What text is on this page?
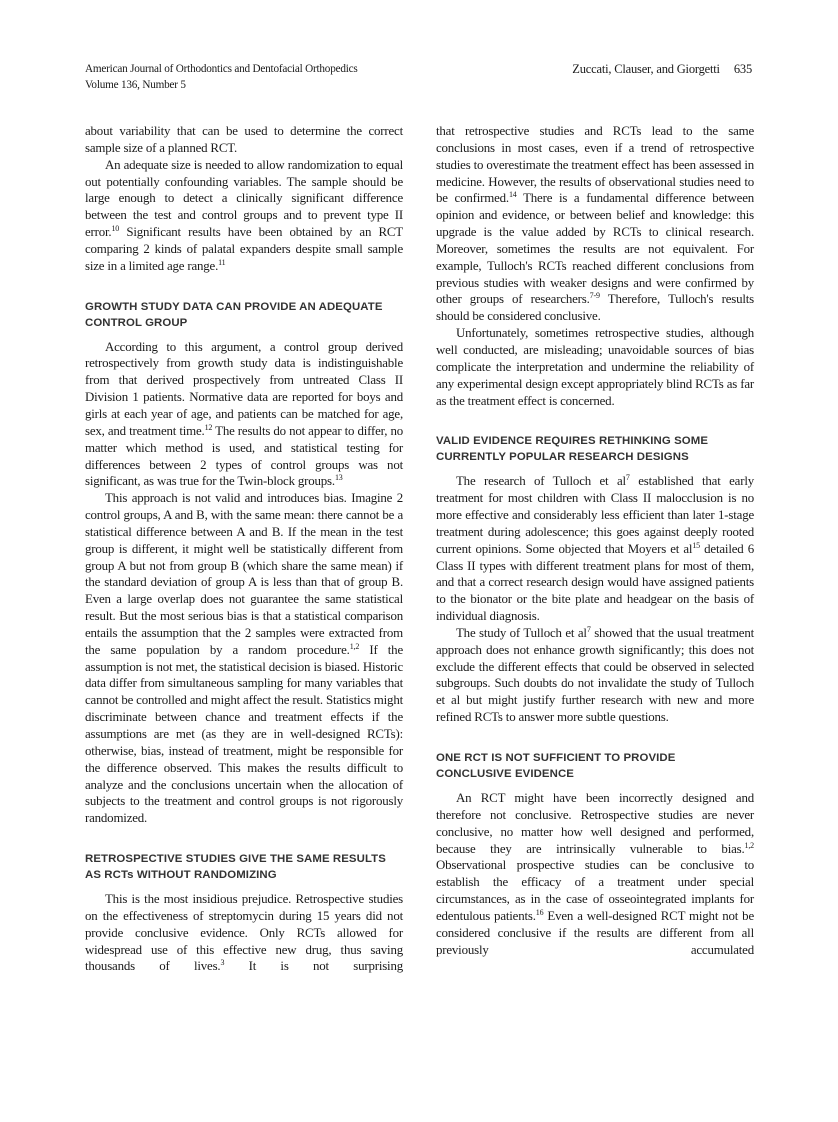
American Journal of Orthodontics and Dentofacial Orthopedics
Volume 136, Number 5
Zuccati, Clauser, and Giorgetti 635

about variability that can be used to determine the correct sample size of a planned RCT.

An adequate size is needed to allow randomization to equal out potentially confounding variables. The sample should be large enough to detect a clinically significant difference between the test and control groups and to prevent type II error.$^{10}$ Significant results have been obtained by an RCT comparing 2 kinds of palatal expanders despite small sample size in a limited age range.$^{11}$

GROWTH STUDY DATA CAN PROVIDE AN ADEQUATE CONTROL GROUP

According to this argument, a control group derived retrospectively from growth study data is indistinguishable from that derived prospectively from untreated Class II Division 1 patients. Normative data are reported for boys and girls at each year of age, and patients can be matched for age, sex, and treatment time.$^{12}$ The results do not appear to differ, no matter which method is used, and statistical testing for differences between 2 types of control groups was not significant, as was true for the Twin-block groups.$^{13}$

This approach is not valid and introduces bias. Imagine 2 control groups, A and B, with the same mean: there cannot be a statistical difference between A and B. If the mean in the test group is different, it might well be statistically different from group A but not from group B (which share the same mean) if the standard deviation of group A is less than that of group B. Even a large overlap does not guarantee the same statistical result. But the most serious bias is that a statistical comparison entails the assumption that the 2 samples were extracted from the same population by a random procedure.$^{1,2}$ If the assumption is not met, the statistical decision is biased. Historic data differ from simultaneous sampling for many variables that cannot be controlled and might affect the result. Statistics might discriminate between chance and treatment effects if the assumptions are met (as they are in well-designed RCTs): otherwise, bias, instead of treatment, might be responsible for the difference observed. This makes the results difficult to analyze and the conclusions uncertain when the allocation of subjects to the treatment and control groups is not rigorously randomized.

RETROSPECTIVE STUDIES GIVE THE SAME RESULTS AS RCTs WITHOUT RANDOMIZING

This is the most insidious prejudice. Retrospective studies on the effectiveness of streptomycin during 15 years did not provide conclusive evidence. Only RCTs allowed for widespread use of this effective new drug, thus saving thousands of lives.$^3$ It is not surprising

that retrospective studies and RCTs lead to the same conclusions in most cases, even if a trend of retrospective studies to overestimate the treatment effect has been assessed in medicine. However, the results of observational studies need to be confirmed.$^{14}$ There is a fundamental difference between opinion and evidence, or between belief and knowledge: this upgrade is the value added by RCTs to clinical research. Moreover, sometimes the results are not equivalent. For example, Tulloch's RCTs reached different conclusions from previous studies with weaker designs and were confirmed by other groups of researchers.$^{7-9}$ Therefore, Tulloch's results should be considered conclusive.

Unfortunately, sometimes retrospective studies, although well conducted, are misleading; unavoidable sources of bias complicate the interpretation and undermine the reliability of any experimental design except appropriately blind RCTs as far as the treatment effect is concerned.

VALID EVIDENCE REQUIRES RETHINKING SOME CURRENTLY POPULAR RESEARCH DESIGNS

The research of Tulloch et $al^7$ established that early treatment for most children with Class II malocclusion is no more effective and considerably less efficient than later 1-stage treatment during adolescence; this goes against deeply rooted current opinions. Some objected that Moyers et $al^{15}$ detailed 6 Class II types with different treatment plans for most of them, and that a correct research design would have assigned patients to the bionator or the bite plate and headgear on the basis of individual diagnosis.

The study of Tulloch et $al^7$ showed that the usual treatment approach does not enhance growth significantly; this does not exclude the different effects that could be observed in selected subgroups. Such doubts do not invalidate the study of Tulloch et al but might justify further research with new and more refined RCTs to answer more subtle questions.

ONE RCT IS NOT SUFFICIENT TO PROVIDE CONCLUSIVE EVIDENCE

An RCT might have been incorrectly designed and therefore not conclusive. Retrospective studies are never conclusive, no matter how well designed and performed, because they are intrinsically vulnerable to bias.$^{1,2}$ Observational prospective studies can be conclusive to establish the efficacy of a treatment under special circumstances, as in the case of osseointegrated implants for edentulous patients.$^{16}$ Even a well-designed RCT might not be considered conclusive if the results are different from all previously accumulated
